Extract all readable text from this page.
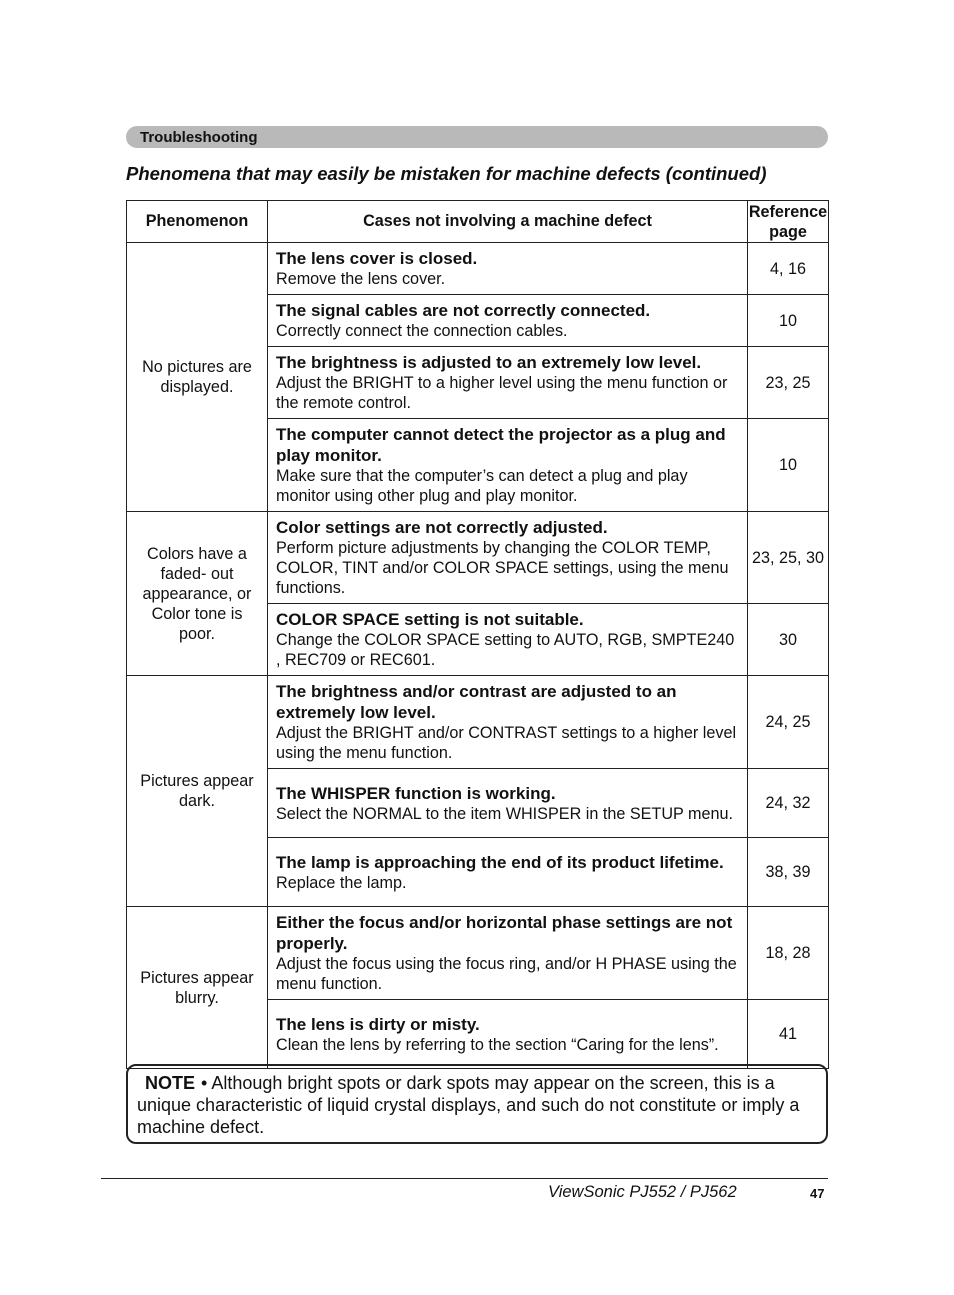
Troubleshooting
Phenomena that may easily be mistaken for machine defects (continued)
Phenomenon	Cases not involving a machine defect	Reference page
No pictures are displayed.	The lens cover is closed.
Remove the lens cover.	4, 16

	The signal cables are not correctly connected.
Correctly connect the connection cables.	10

	The brightness is adjusted to an extremely low level.
Adjust the BRIGHT to a higher level using the menu function or the remote control.	23, 25

	The computer cannot detect the projector as a plug and play monitor.
Make sure that the computer’s can detect a plug and play monitor using other plug and play monitor.	10
Colors have a faded- out appearance, or Color tone is poor.	Color settings are not correctly adjusted.
Perform picture adjustments by changing the COLOR TEMP, COLOR, TINT and/or COLOR SPACE settings, using the menu functions.	23, 25, 30

	COLOR SPACE setting is not suitable.
Change the COLOR SPACE setting to AUTO, RGB, SMPTE240 , REC709 or REC601.	30
Pictures appear dark.	The brightness and/or contrast are adjusted to an extremely low level.
Adjust the BRIGHT and/or CONTRAST settings to a higher level using the menu function.	24, 25

	The WHISPER function is working.
Select the NORMAL to the item WHISPER in the SETUP menu.	24, 32

	The lamp is approaching the end of its product lifetime.
Replace the lamp.	38, 39
Pictures appear blurry.	Either the focus and/or horizontal phase settings are not properly.
Adjust the focus using the focus ring, and/or H PHASE using the menu function.	18, 28

	The lens is dirty or misty.
Clean the lens by referring to the section “Caring for the lens”.	41
NOTE • Although bright spots or dark spots may appear on the screen, this is a unique characteristic of liquid crystal displays, and such do not constitute or imply a machine defect.
ViewSonic PJ552 / PJ562	47
